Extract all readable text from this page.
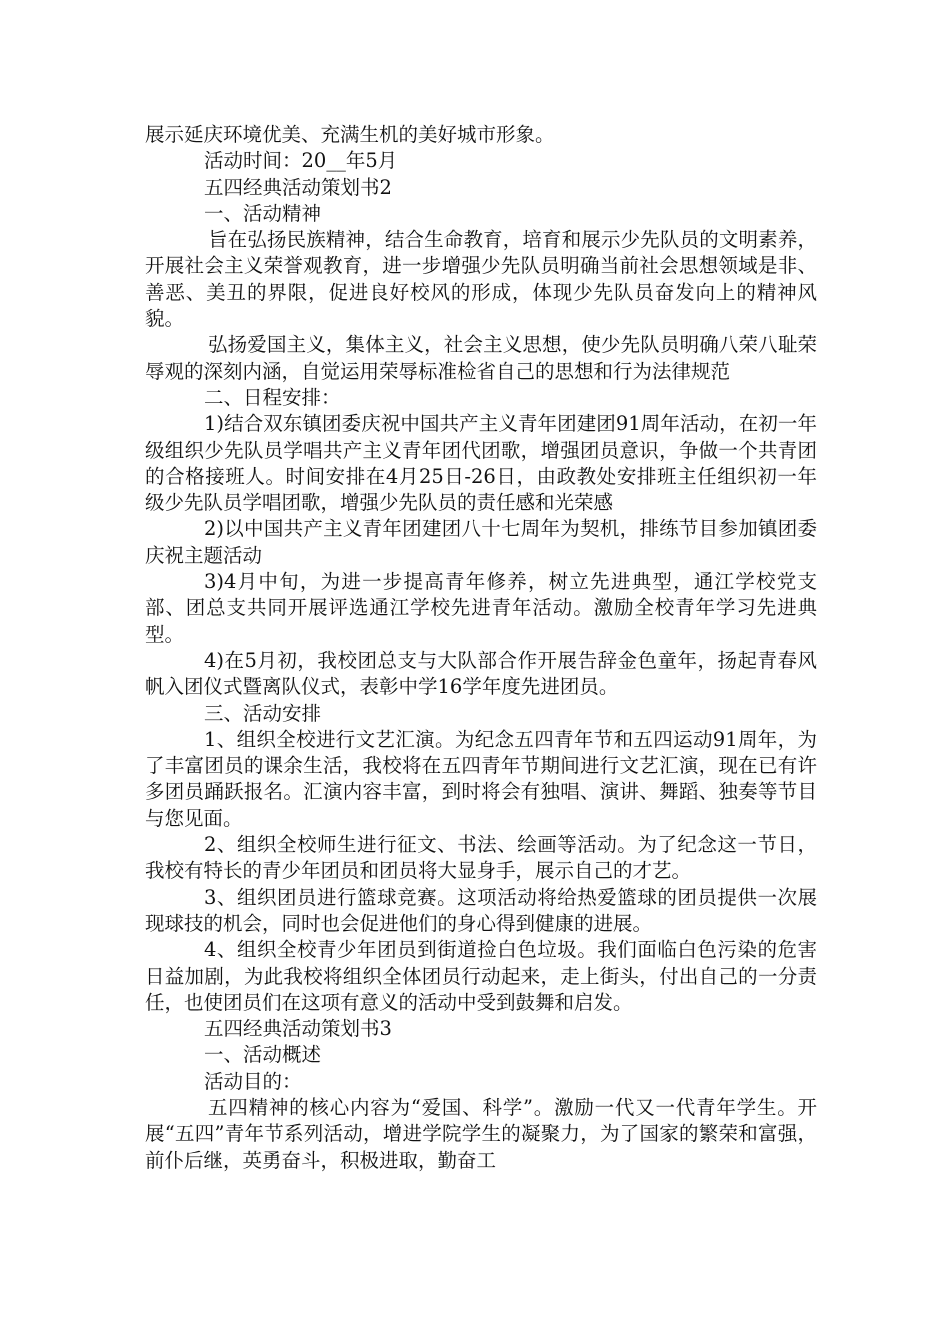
展示延庆环境优美、充满生机的美好城市形象。

活动时间：20__年5月

五四经典活动策划书2

一、活动精神

旨在弘扬民族精神，结合生命教育，培育和展示少先队员的文明素养，开展社会主义荣誉观教育，进一步增强少先队员明确当前社会思想领域是非、善恶、美丑的界限，促进良好校风的形成，体现少先队员奋发向上的精神风貌。

弘扬爱国主义，集体主义，社会主义思想，使少先队员明确八荣八耻荣辱观的深刻内涵，自觉运用荣辱标准检省自己的思想和行为法律规范

二、日程安排：

1)结合双东镇团委庆祝中国共产主义青年团建团91周年活动，在初一年级组织少先队员学唱共产主义青年团代团歌，增强团员意识，争做一个共青团的合格接班人。时间安排在4月25日-26日，由政教处安排班主任组织初一年级少先队员学唱团歌，增强少先队员的责任感和光荣感

2)以中国共产主义青年团建团八十七周年为契机，排练节目参加镇团委庆祝主题活动

3)4月中旬，为进一步提高青年修养，树立先进典型，通江学校党支部、团总支共同开展评选通江学校先进青年活动。激励全校青年学习先进典型。

4)在5月初，我校团总支与大队部合作开展告辞金色童年，扬起青春风帆入团仪式暨离队仪式，表彰中学16学年度先进团员。

三、活动安排

1、组织全校进行文艺汇演。为纪念五四青年节和五四运动91周年，为了丰富团员的课余生活，我校将在五四青年节期间进行文艺汇演，现在已有许多团员踊跃报名。汇演内容丰富，到时将会有独唱、演讲、舞蹈、独奏等节目与您见面。

2、组织全校师生进行征文、书法、绘画等活动。为了纪念这一节日，我校有特长的青少年团员和团员将大显身手，展示自己的才艺。

3、组织团员进行篮球竞赛。这项活动将给热爱篮球的团员提供一次展现球技的机会，同时也会促进他们的身心得到健康的进展。

4、组织全校青少年团员到街道捡白色垃圾。我们面临白色污染的危害日益加剧，为此我校将组织全体团员行动起来，走上街头，付出自己的一分责任，也使团员们在这项有意义的活动中受到鼓舞和启发。

五四经典活动策划书3

一、活动概述

活动目的：

五四精神的核心内容为“爱国、科学”。激励一代又一代青年学生。开展“五四”青年节系列活动，增进学院学生的凝聚力，为了国家的繁荣和富强，前仆后继，英勇奋斗，积极进取，勤奋工
